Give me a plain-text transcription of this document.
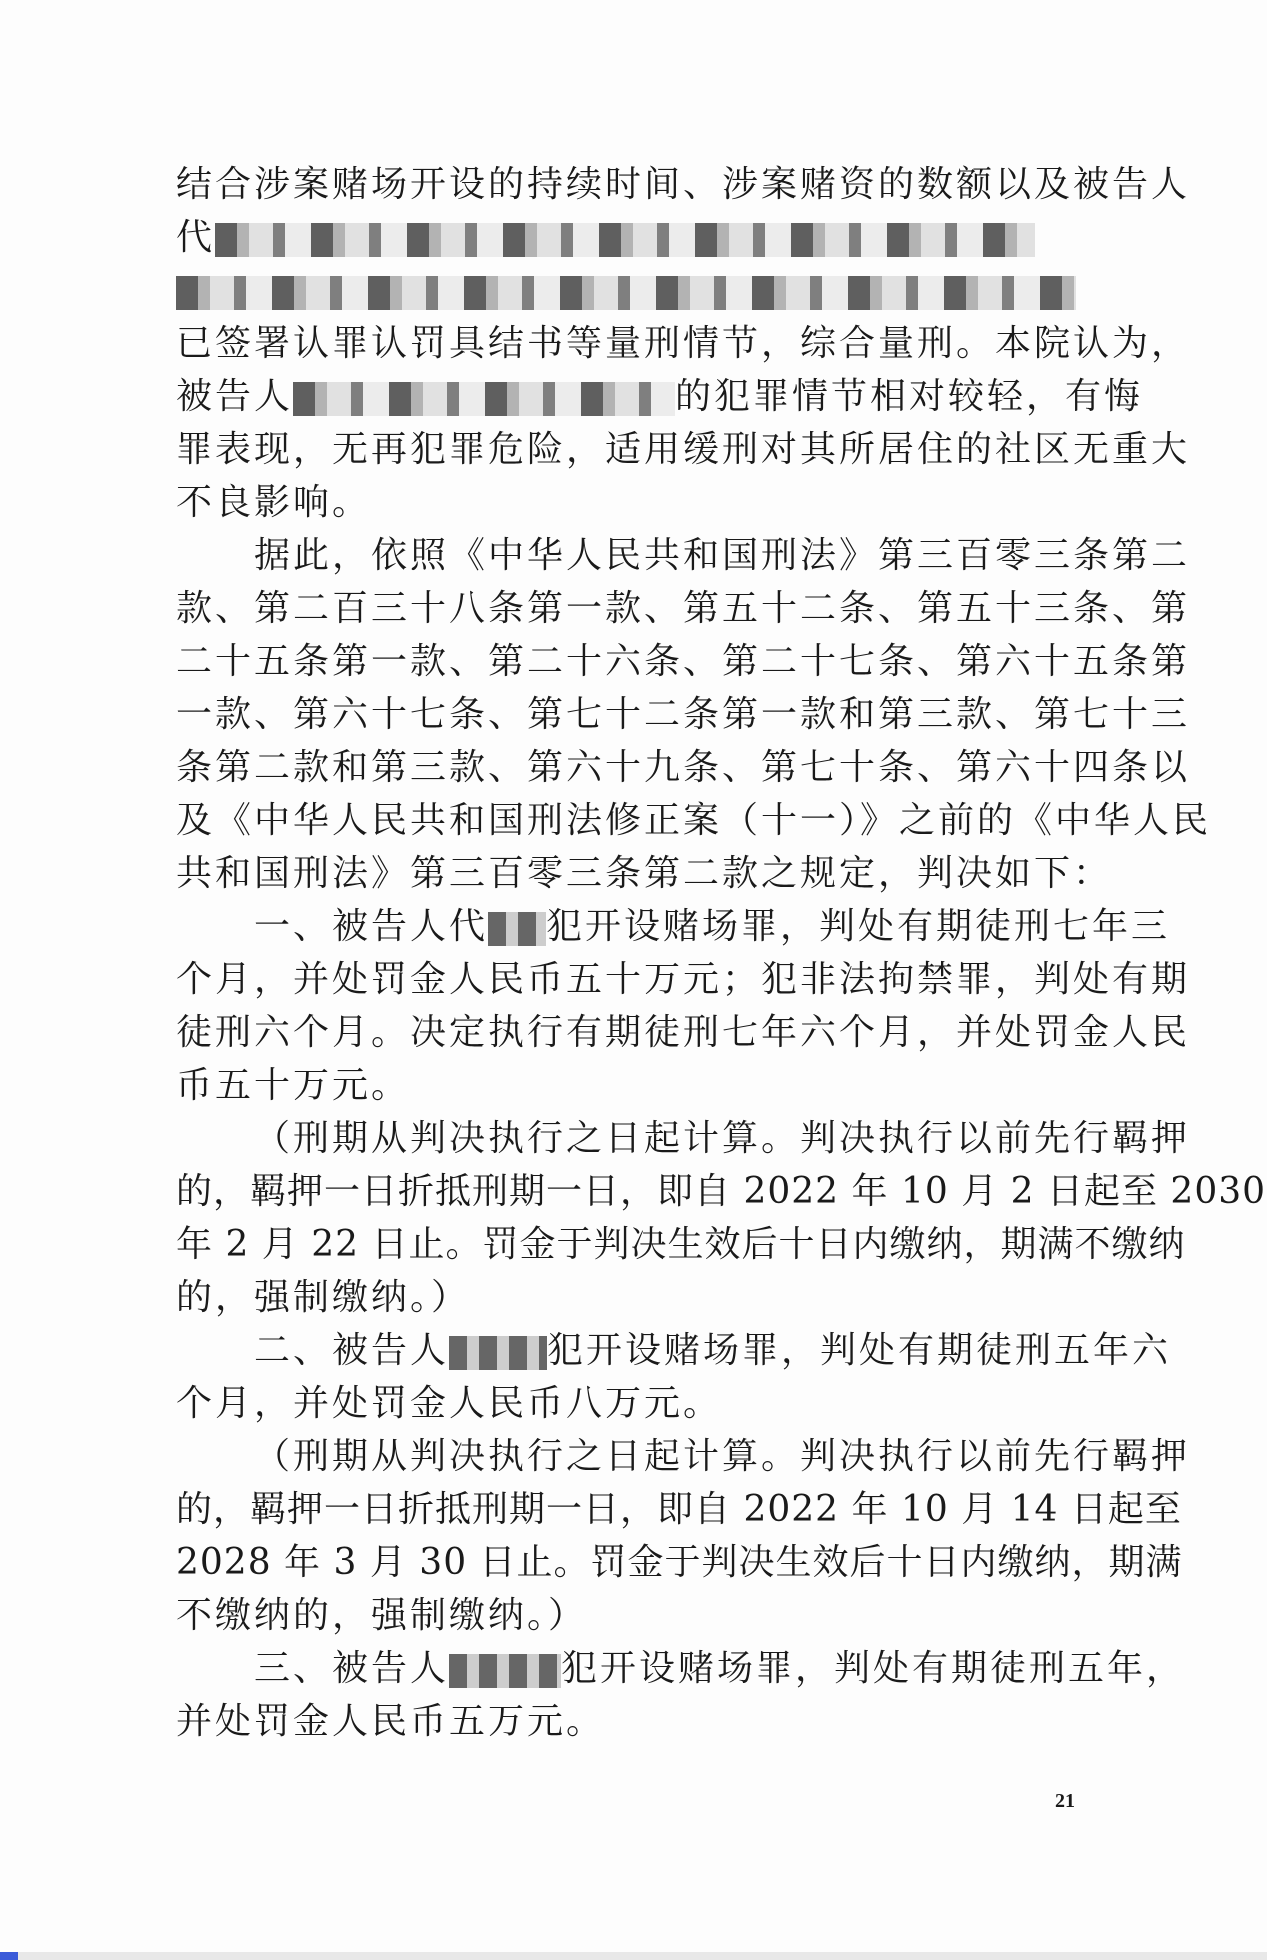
结合涉案赌场开设的持续时间、涉案赌资的数额以及被告人
代
已签署认罪认罚具结书等量刑情节，综合量刑。本院认为，
被告人	的犯罪情节相对较轻，有悔
罪表现，无再犯罪危险，适用缓刑对其所居住的社区无重大
不良影响。
据此，依照《中华人民共和国刑法》第三百零三条第二
款、第二百三十八条第一款、第五十二条、第五十三条、第
二十五条第一款、第二十六条、第二十七条、第六十五条第
一款、第六十七条、第七十二条第一款和第三款、第七十三
条第二款和第三款、第六十九条、第七十条、第六十四条以
及《中华人民共和国刑法修正案（十一）》之前的《中华人民
共和国刑法》第三百零三条第二款之规定，判决如下：
一、被告人代 犯开设赌场罪，判处有期徒刑七年三
个月，并处罚金人民币五十万元；犯非法拘禁罪，判处有期
徒刑六个月。决定执行有期徒刑七年六个月，并处罚金人民
币五十万元。
（刑期从判决执行之日起计算。判决执行以前先行羁押
的，羁押一日折抵刑期一日，即自 2022 年 10 月 2 日起至 2030
年 2 月 22 日止。罚金于判决生效后十日内缴纳，期满不缴纳
的，强制缴纳。）
二、被告人	犯开设赌场罪，判处有期徒刑五年六
个月，并处罚金人民币八万元。
（刑期从判决执行之日起计算。判决执行以前先行羁押
的，羁押一日折抵刑期一日，即自 2022 年 10 月 14 日起至
2028 年 3 月 30 日止。罚金于判决生效后十日内缴纳，期满
不缴纳的，强制缴纳。）
三、被告人	犯开设赌场罪，判处有期徒刑五年，
并处罚金人民币五万元。
21
